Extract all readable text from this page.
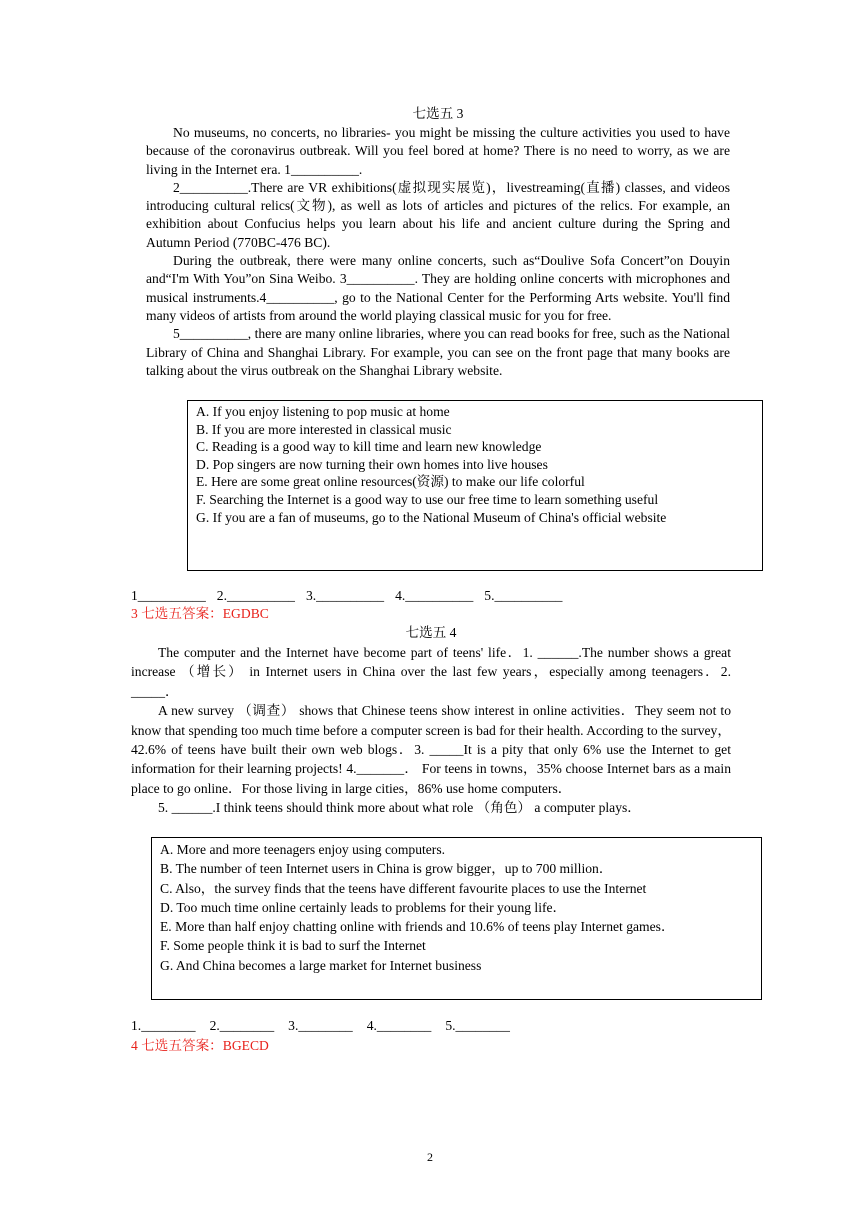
七选五 3

No museums, no concerts, no libraries- you might be missing the culture activities you used to have because of the coronavirus outbreak. Will you feel bored at home? There is no need to worry, as we are living in the Internet era. 1__________.

2__________.There are VR exhibitions(虚拟现实展览)，livestreaming(直播) classes, and videos introducing cultural relics(文物), as well as lots of articles and pictures of the relics. For example, an exhibition about Confucius helps you learn about his life and ancient culture during the Spring and Autumn Period (770BC-476 BC).

During the outbreak, there were many online concerts, such as“Doulive Sofa Concert”on Douyin and“I'm With You”on Sina Weibo. 3__________. They are holding online concerts with microphones and musical instruments.4__________, go to the National Center for the Performing Arts website. You'll find many videos of artists from around the world playing classical music for you for free.

5__________, there are many online libraries, where you can read books for free, such as the National Library of China and Shanghai Library. For example, you can see on the front page that many books are talking about the virus outbreak on the Shanghai Library website.

A. If you enjoy listening to pop music at home

B. If you are more interested in classical music

C. Reading is a good way to kill time and learn new knowledge

D. Pop singers are now turning their own homes into live houses

E. Here are some great online resources(资源) to make our life colorful

F. Searching the Internet is a good way to use our free time to learn something useful

G. If you are a fan of museums, go to the National Museum of China's official website

1__________ 2.__________ 3.__________ 4.__________ 5.__________

3 七选五答案：EGDBC

七选五 4

The computer and the Internet have become part of teens' life．1. ______.The number shows a great increase （增长） in Internet users in China over the last few years，especially among teenagers．2. _____．

A new survey （调查） shows that Chinese teens show interest in online activities．They seem not to know that spending too much time before a computer screen is bad for their health. According to the survey，42.6% of teens have built their own web blogs．3. _____It is a pity that only 6% use the Internet to get information for their learning projects! 4._______． For teens in towns，35% choose Internet bars as a main place to go online．For those living in large cities，86% use home computers．

5. ______.I think teens should think more about what role （角色） a computer plays．

A. More and more teenagers enjoy using computers.

B. The number of teen Internet users in China is grow bigger，up to 700 million．

C. Also，the survey finds that the teens have different favourite places to use the Internet

D. Too much time online certainly leads to problems for their young life．

E. More than half enjoy chatting online with friends and 10.6% of teens play Internet games．

F. Some people think it is bad to surf the Internet

G. And China becomes a large market for Internet business

1.________ 2.________ 3.________ 4.________ 5.________

4 七选五答案：BGECD

2
